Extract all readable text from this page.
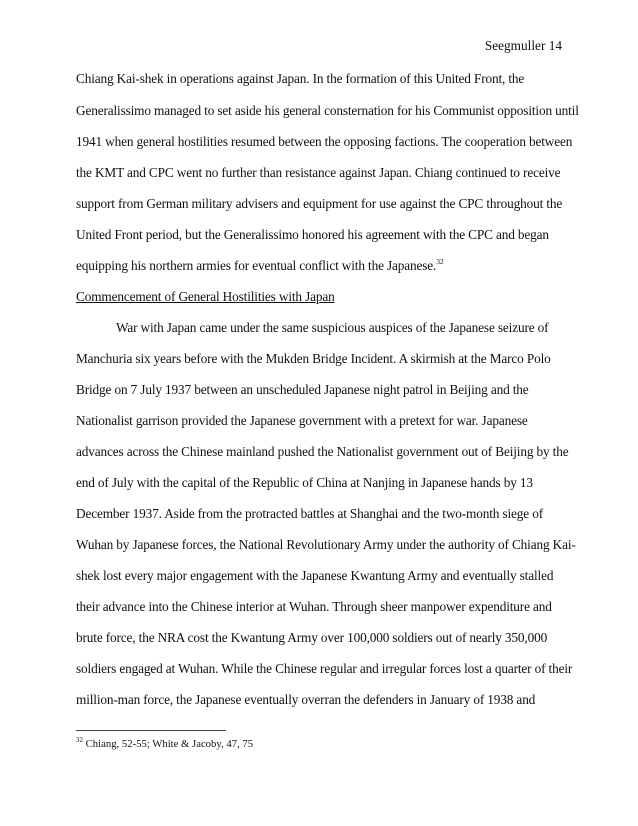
Seegmuller 14
Chiang Kai-shek in operations against Japan. In the formation of this United Front, the
Generalissimo managed to set aside his general consternation for his Communist opposition until
1941 when general hostilities resumed between the opposing factions. The cooperation between
the KMT and CPC went no further than resistance against Japan. Chiang continued to receive
support from German military advisers and equipment for use against the CPC throughout the
United Front period, but the Generalissimo honored his agreement with the CPC and began
equipping his northern armies for eventual conflict with the Japanese.$^{32}$
Commencement of General Hostilities with Japan
War with Japan came under the same suspicious auspices of the Japanese seizure of
Manchuria six years before with the Mukden Bridge Incident. A skirmish at the Marco Polo
Bridge on 7 July 1937 between an unscheduled Japanese night patrol in Beijing and the
Nationalist garrison provided the Japanese government with a pretext for war. Japanese
advances across the Chinese mainland pushed the Nationalist government out of Beijing by the
end of July with the capital of the Republic of China at Nanjing in Japanese hands by 13
December 1937. Aside from the protracted battles at Shanghai and the two-month siege of
Wuhan by Japanese forces, the National Revolutionary Army under the authority of Chiang Kai-
shek lost every major engagement with the Japanese Kwantung Army and eventually stalled
their advance into the Chinese interior at Wuhan. Through sheer manpower expenditure and
brute force, the NRA cost the Kwantung Army over 100,000 soldiers out of nearly 350,000
soldiers engaged at Wuhan. While the Chinese regular and irregular forces lost a quarter of their
million-man force, the Japanese eventually overran the defenders in January of 1938 and
$^{32}$ Chiang, 52-55; White & Jacoby, 47, 75
